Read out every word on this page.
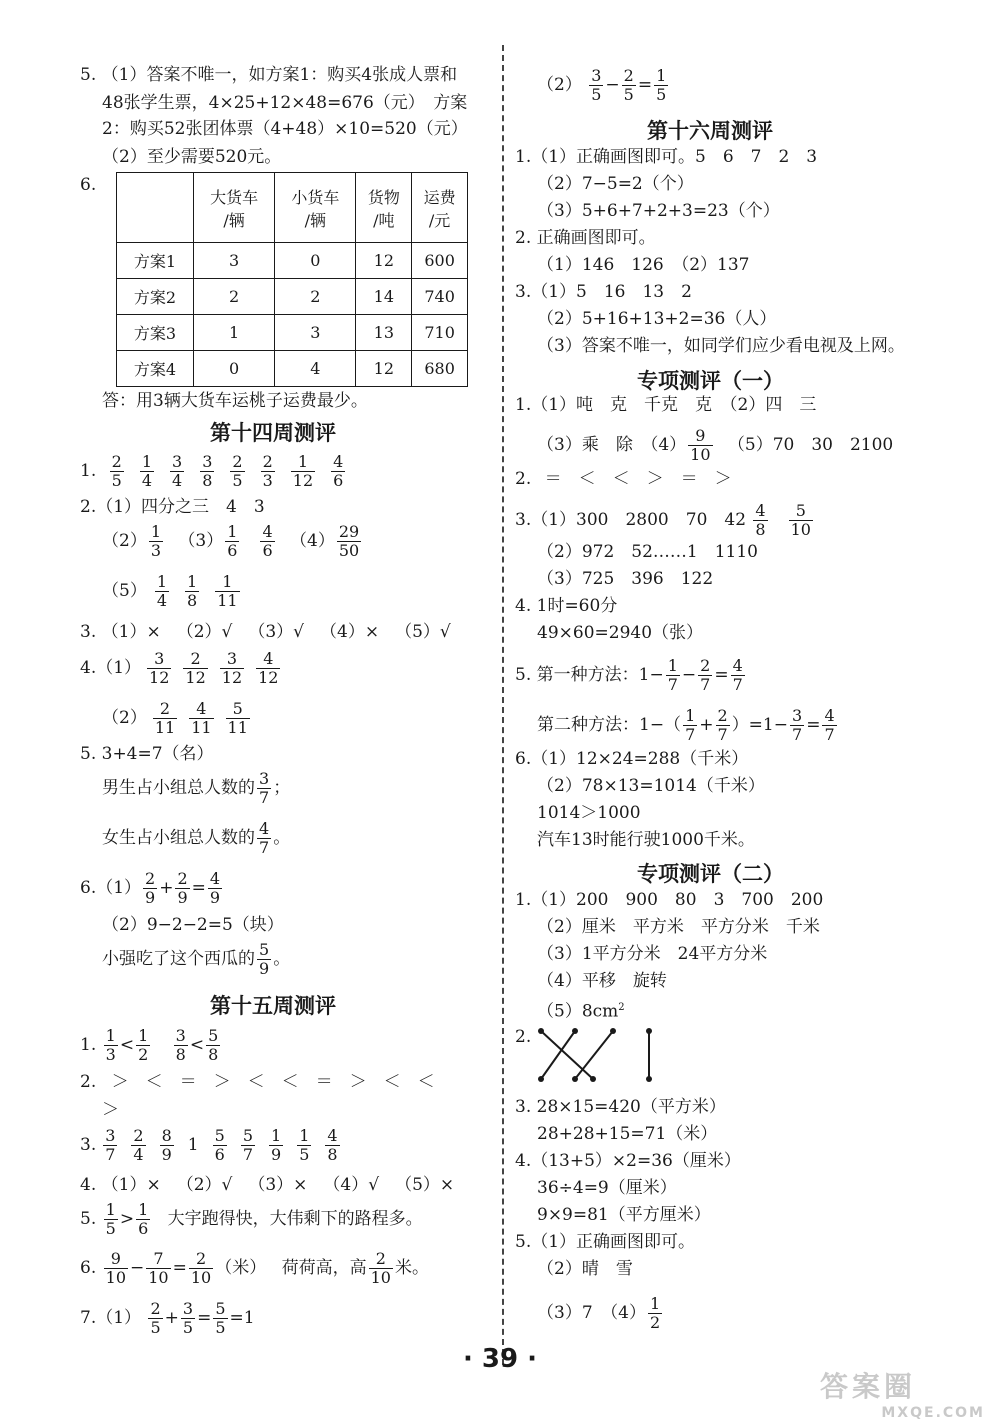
5. （1）答案不唯一，如方案1：购买4张成人票和
48张学生票，4×25+12×48=676（元）　方案
2：购买52张团体票（4+48）×10=520（元）
（2）至少需要520元。
6.
	大货车
/辆	小货车
/辆	货物
/吨	运费
/元
方案1	3	0	12	600
方案2	2	2	14	740
方案3	1	3	13	710
方案4	0	4	12	680
答：用3辆大货车运桃子运费最少。
第十四周测评
1. $\frac{2}{5} \frac{1}{4} \frac{3}{4} \frac{3}{8} \frac{2}{5} \frac{2}{3} \frac{1}{12} \frac{4}{6}$
2.（1）四分之三　4　3
$(2) \frac{1}{3} (3) \frac{1}{6}$
　 $\frac{4}{6} (4) \frac{29}{50}$
$(5) \frac{1}{4} \frac{1}{8} \frac{1}{11}$
3. （1）× （2）√ （3）√ （4）× （5）√
$4.(1) \frac{3}{12} \frac{2}{12} \frac{3}{12} \frac{4}{12}$
$(2) \frac{2}{11} \frac{4}{11} \frac{5}{11}$
5. 3+4=7（名）
男生占小组总人数的 $\frac{3}{7}$ ；
女生占小组总人数的 $\frac{4}{7}$ 。
$6.(1) \frac{2}{9} + \frac{2}{9} = \frac{4}{9}$
（2）9−2−2=5（块）
小强吃了这个西瓜的 $\frac{5}{9}$ 。
第十五周测评
1. $\frac{1}{3} < \frac{1}{2}$
$\frac{3}{8} < \frac{5}{8}$
2. ＞　＜　＝　＞　＜　＜　＝　＞　＜　＜
＞
3. $\frac{3}{7} \frac{2}{4} \frac{8}{9} 1 \frac{5}{6} \frac{5}{7} \frac{1}{9} \frac{1}{5} \frac{4}{8}$
4. （1）× （2）√ （3）× （4）√ （5）×
5. $\frac{1}{5} > \frac{1}{6}$ 大宇跑得快，大伟剩下的路程多。
6. $\frac{9}{10} - \frac{7}{10} = \frac{2}{10}$ （米） 荷荷高，高 $\frac{2}{10}$ 米。
$7.(1) \frac{2}{5} + \frac{3}{5} = \frac{5}{5} =1$
$(2) \frac{3}{5} - \frac{2}{5} = \frac{1}{5}$
第十六周测评
1.（1）正确画图即可。5　6　7　2　3
（2）7−5=2（个）
（3）5+6+7+2+3=23（个）
2. 正确画图即可。
（1）146　126　（2）137
3.（1）5　16　13　2
（2）5+16+13+2=36（人）
（3）答案不唯一，如同学们应少看电视及上网。
专项测评（一）
1.（1）吨　克　千克　克　（2）四　三
（3）乘　除　$(4) \frac{9}{10} (5)70$　30　2100
2. ＝　＜　＜　＞　＝　＞
3.（1）300　2800　70　$42 \frac{4}{8}$
　 $\frac{5}{10}$
（2）972　52……1　1110
（3）725　396　122
4. 1时=60分
49×60=2940（张）
5. 第一种方法：$1- \frac{1}{7} - \frac{2}{7} = \frac{4}{7}$
第二种方法：$1-( \frac{1}{7} + \frac{2}{7} )=1- \frac{3}{7} = \frac{4}{7}$
6.（1）12×24=288（千米）
（2）78×13=1014（千米）
1014＞1000
汽车13时能行驶1000千米。
专项测评（二）
1.（1）200　900　80　3　700　200
（2）厘米　平方米　平方分米　千米
（3）1平方分米　24平方分米
（4）平移　旋转
$(5)8cm^2$
2.
3. 28×15=420（平方米）
28+28+15=71（米）
4.（13+5）×2=36（厘米）
36÷4=9（厘米）
9×9=81（平方厘米）
5.（1）正确画图即可。
（2）晴　雪
（3）7　$(4) \frac{1}{2}$
· 39 ·
答案圈
MXQE.COM
